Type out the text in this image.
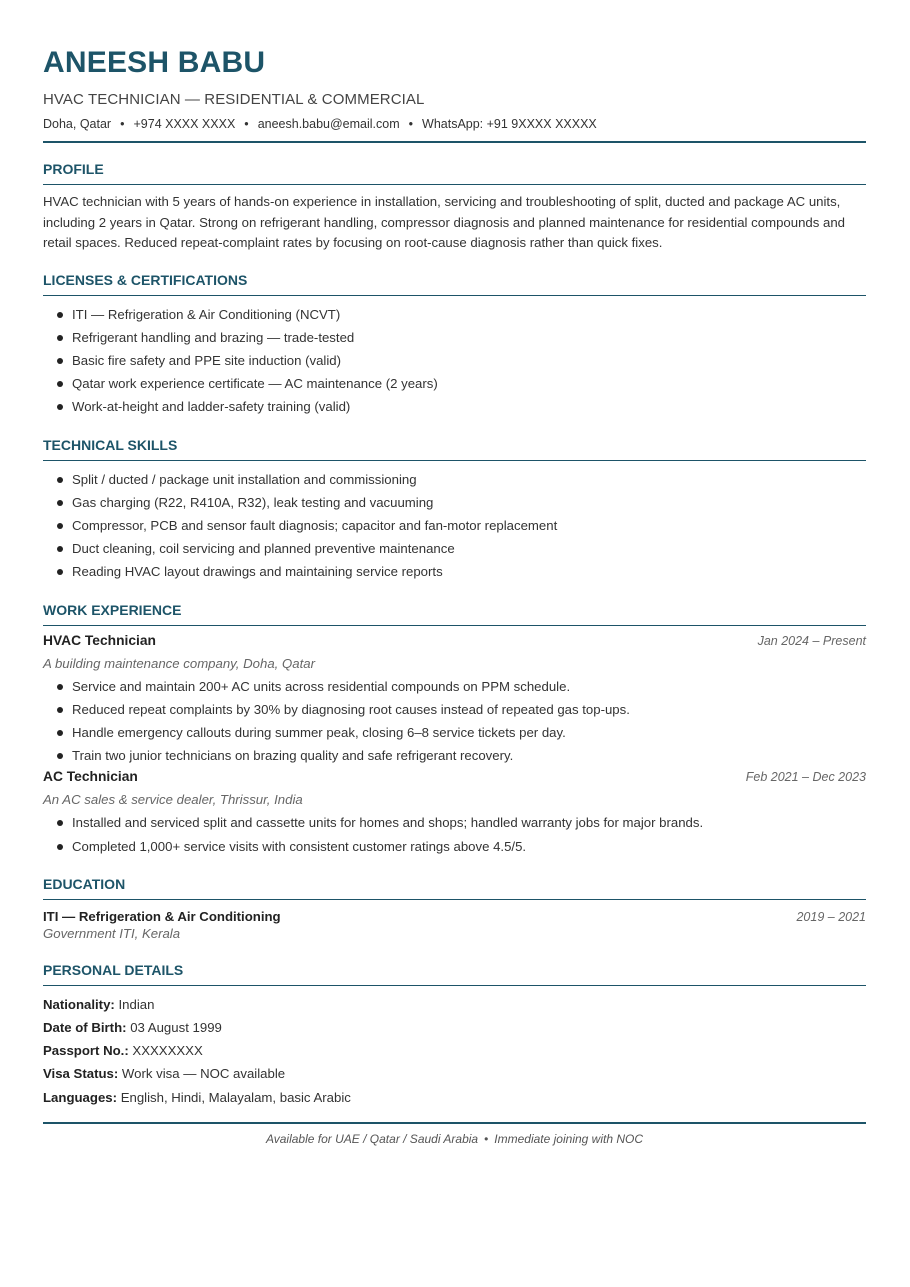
ANEESH BABU
HVAC TECHNICIAN — RESIDENTIAL & COMMERCIAL
Doha, Qatar • +974 XXXX XXXX • aneesh.babu@email.com • WhatsApp: +91 9XXXX XXXXX
PROFILE
HVAC technician with 5 years of hands-on experience in installation, servicing and troubleshooting of split, ducted and package AC units, including 2 years in Qatar. Strong on refrigerant handling, compressor diagnosis and planned maintenance for residential compounds and retail spaces. Reduced repeat-complaint rates by focusing on root-cause diagnosis rather than quick fixes.
LICENSES & CERTIFICATIONS
ITI — Refrigeration & Air Conditioning (NCVT)
Refrigerant handling and brazing — trade-tested
Basic fire safety and PPE site induction (valid)
Qatar work experience certificate — AC maintenance (2 years)
Work-at-height and ladder-safety training (valid)
TECHNICAL SKILLS
Split / ducted / package unit installation and commissioning
Gas charging (R22, R410A, R32), leak testing and vacuuming
Compressor, PCB and sensor fault diagnosis; capacitor and fan-motor replacement
Duct cleaning, coil servicing and planned preventive maintenance
Reading HVAC layout drawings and maintaining service reports
WORK EXPERIENCE
HVAC Technician	Jan 2024 – Present
A building maintenance company, Doha, Qatar
Service and maintain 200+ AC units across residential compounds on PPM schedule.
Reduced repeat complaints by 30% by diagnosing root causes instead of repeated gas top-ups.
Handle emergency callouts during summer peak, closing 6–8 service tickets per day.
Train two junior technicians on brazing quality and safe refrigerant recovery.
AC Technician	Feb 2021 – Dec 2023
An AC sales & service dealer, Thrissur, India
Installed and serviced split and cassette units for homes and shops; handled warranty jobs for major brands.
Completed 1,000+ service visits with consistent customer ratings above 4.5/5.
EDUCATION
ITI — Refrigeration & Air Conditioning	2019 – 2021
Government ITI, Kerala
PERSONAL DETAILS
Nationality: Indian
Date of Birth: 03 August 1999
Passport No.: XXXXXXXX
Visa Status: Work visa — NOC available
Languages: English, Hindi, Malayalam, basic Arabic
Available for UAE / Qatar / Saudi Arabia • Immediate joining with NOC
